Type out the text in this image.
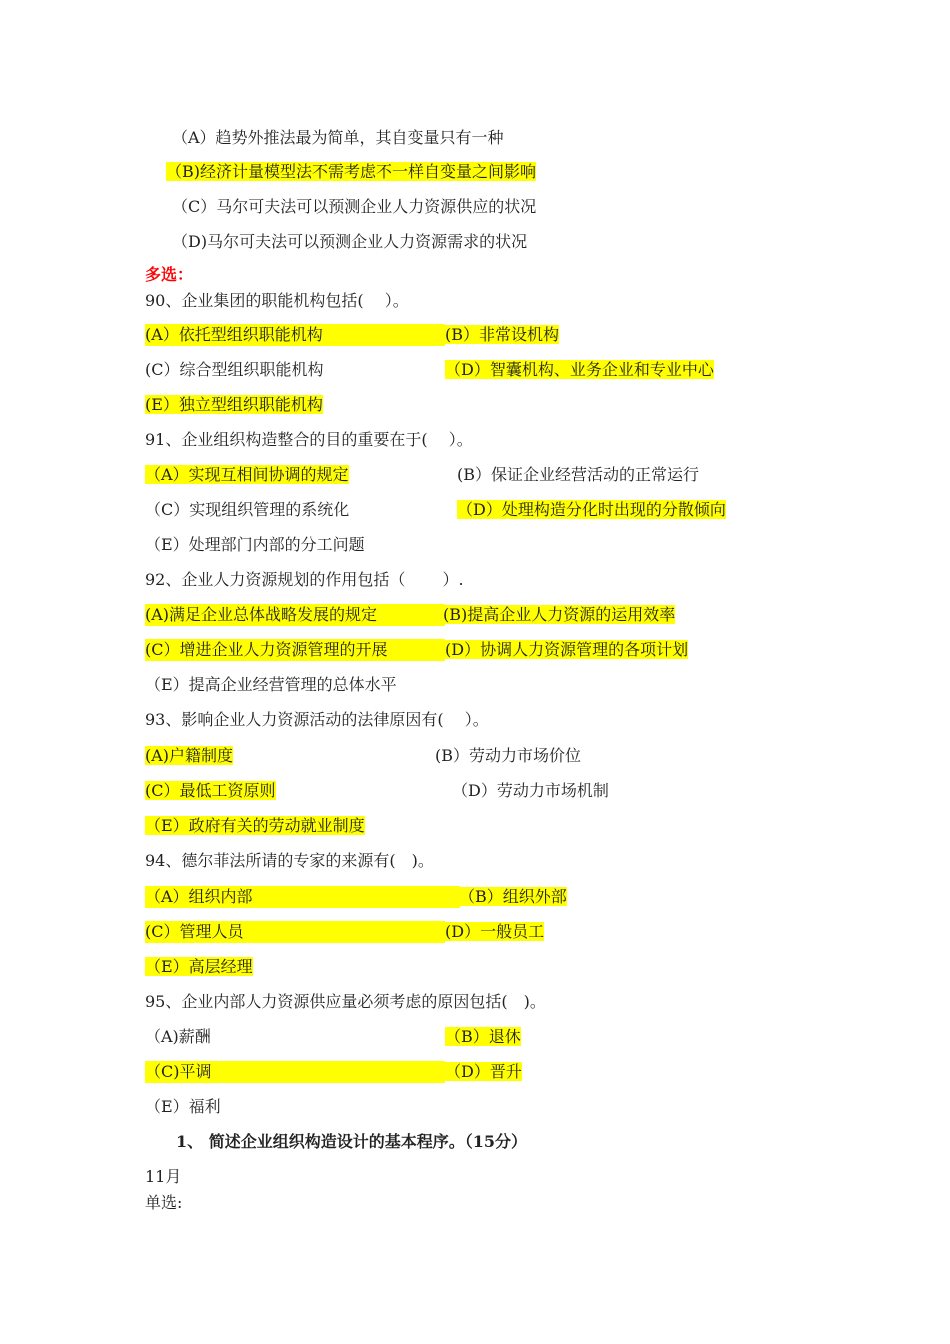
（A）趋势外推法最为简单，其自变量只有一种
（B)经济计量模型法不需考虑不一样自变量之间影响
（C）马尔可夫法可以预测企业人力资源供应的状况
（D)马尔可夫法可以预测企业人力资源需求的状况
多选：
90、企业集团的职能机构包括(　 ）。
(A）依托型组织职能机构	(B）非常设机构
(C）综合型组织职能机构	（D）智囊机构、业务企业和专业中心
(E）独立型组织职能机构
91、企业组织构造整合的目的重要在于(　 ）。
（A）实现互相间协调的规定	(B）保证企业经营活动的正常运行
（C）实现组织管理的系统化	（D）处理构造分化时出现的分散倾向
（E）处理部门内部的分工问题
92、企业人力资源规划的作用包括（　　 ）.
(A)满足企业总体战略发展的规定	(B)提高企业人力资源的运用效率
(C）增进企业人力资源管理的开展	(D）协调人力资源管理的各项计划
（E）提高企业经营管理的总体水平
93、影响企业人力资源活动的法律原因有(　 ）。
(A)户籍制度	(B）劳动力市场价位
(C）最低工资原则	（D）劳动力市场机制
（E）政府有关的劳动就业制度
94、德尔菲法所请的专家的来源有(　)。
（A）组织内部	（B）组织外部
(C）管理人员	(D）一般员工
（E）高层经理
95、企业内部人力资源供应量必须考虑的原因包括(　)。
（A)薪酬	（B）退休
（C)平调	（D）晋升
（E）福利
1、 简述企业组织构造设计的基本程序。（15分）
11月
单选:
